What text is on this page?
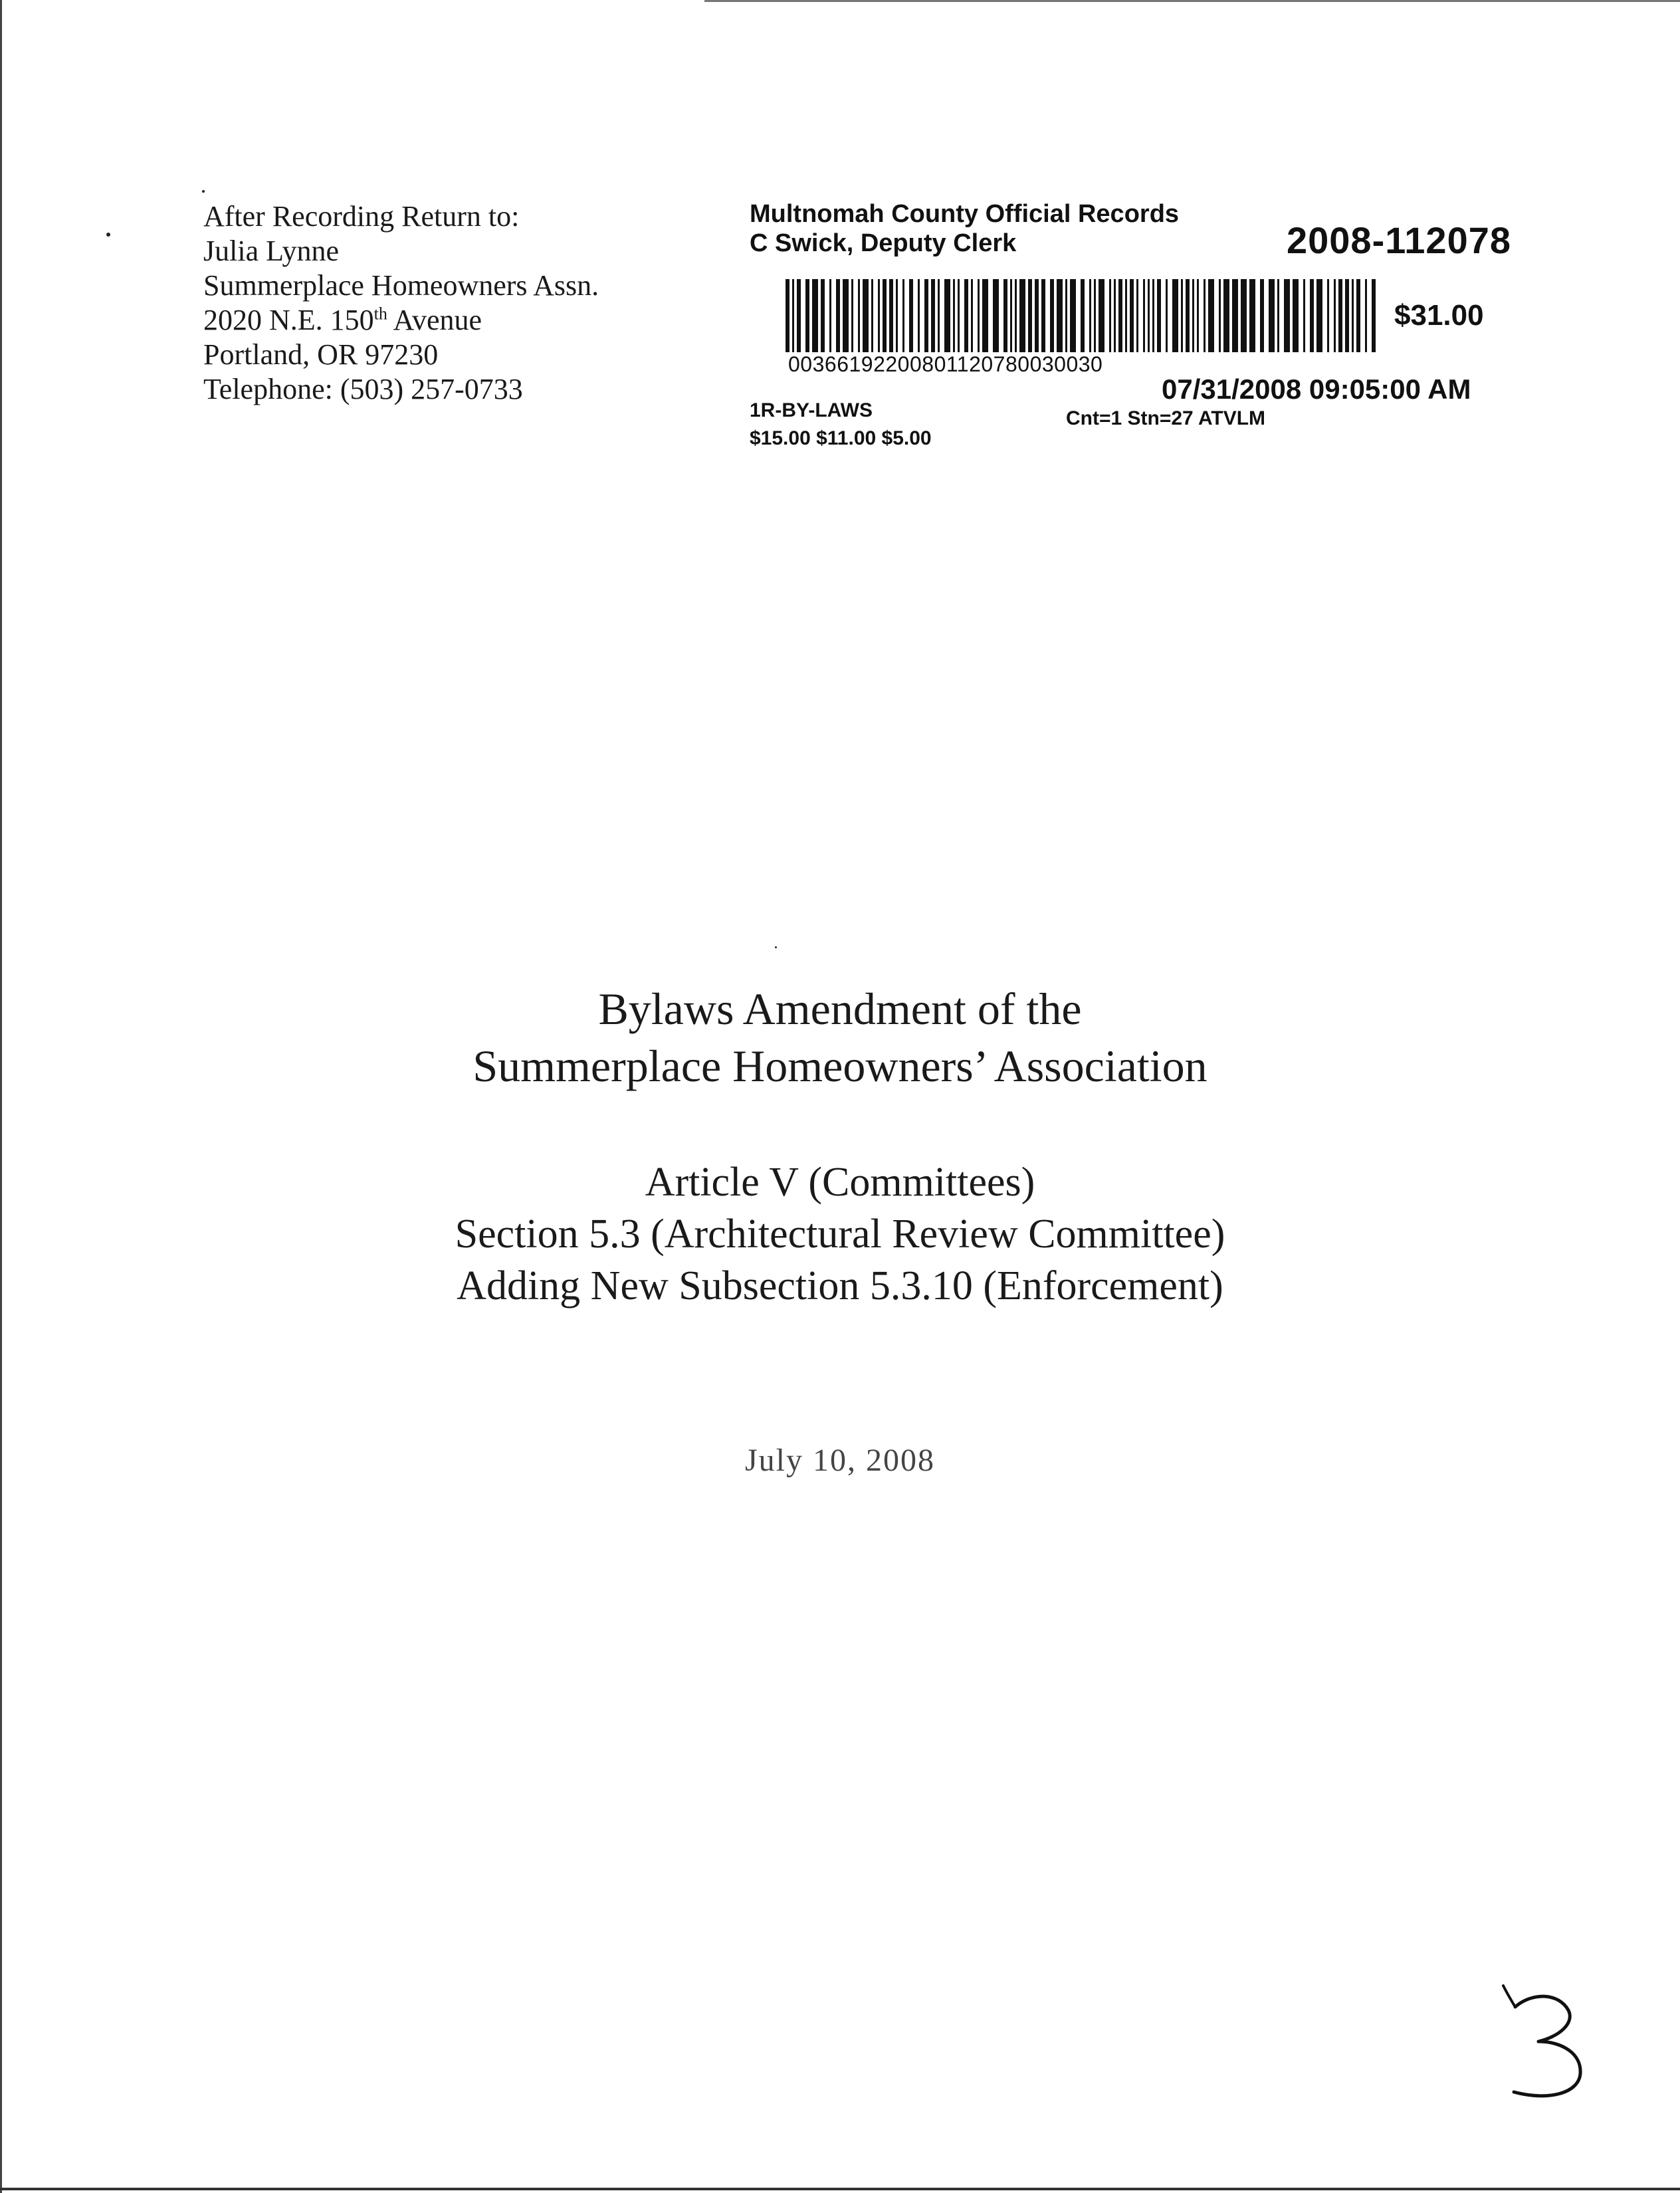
After Recording Return to:
Julia Lynne
Summerplace Homeowners Assn.
2020 N.E. 150th Avenue
Portland, OR 97230
Telephone: (503) 257-0733
Multnomah County Official Records
C Swick, Deputy Clerk	2008-112078
$31.00
00366192200801120780030030
07/31/2008 09:05:00 AM
1R-BY-LAWS	Cnt=1 Stn=27 ATVLM
$15.00 $11.00 $5.00
Bylaws Amendment of the
Summerplace Homeowners’ Association
Article V (Committees)
Section 5.3 (Architectural Review Committee)
Adding New Subsection 5.3.10 (Enforcement)
July 10, 2008
